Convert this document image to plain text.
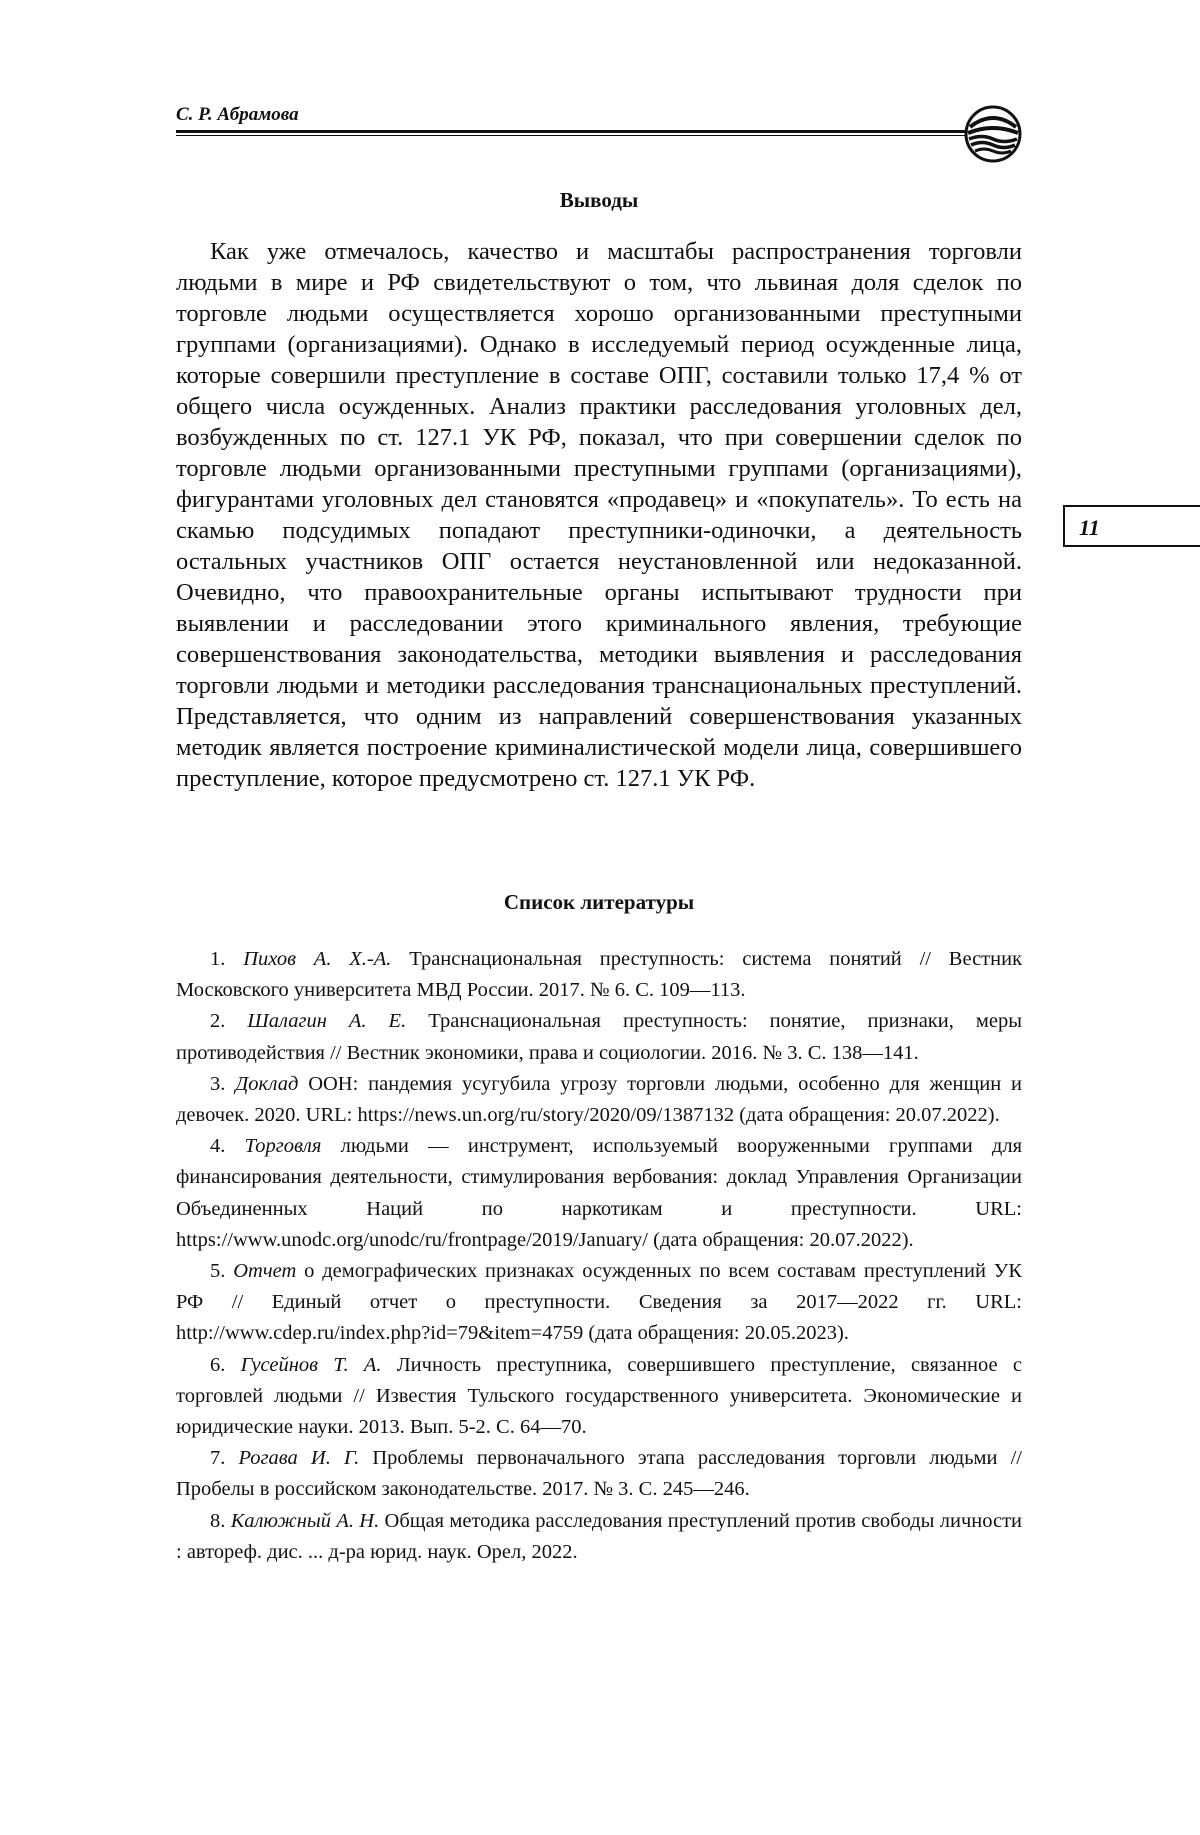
С. Р. Абрамова
Выводы

Как уже отмечалось, качество и масштабы распространения торговли людьми в мире и РФ свидетельствуют о том, что львиная доля сделок по торговле людьми осуществляется хорошо организованными преступными группами (организациями). Однако в исследуемый период осужденные лица, которые совершили преступление в составе ОПГ, составили только 17,4 % от общего числа осужденных. Анализ практики расследования уголовных дел, возбужденных по ст. 127.1 УК РФ, показал, что при совершении сделок по торговле людьми организованными преступными группами (организациями), фигурантами уголовных дел становятся «продавец» и «покупатель». То есть на скамью подсудимых попадают преступники-одиночки, а деятельность остальных участников ОПГ остается неустановленной или недоказанной. Очевидно, что правоохранительные органы испытывают трудности при выявлении и расследовании этого криминального явления, требующие совершенствования законодательства, методики выявления и расследования торговли людьми и методики расследования транснациональных преступлений. Представляется, что одним из направлений совершенствования указанных методик является построение криминалистической модели лица, совершившего преступление, которое предусмотрено ст. 127.1 УК РФ.

Список литературы

1. Пихов А. Х.-А. Транснациональная преступность: система понятий // Вестник Московского университета МВД России. 2017. № 6. С. 109—113.

2. Шалагин А. Е. Транснациональная преступность: понятие, признаки, меры противодействия // Вестник экономики, права и социологии. 2016. № 3. С. 138—141.

3. Доклад ООН: пандемия усугубила угрозу торговли людьми, особенно для женщин и девочек. 2020. URL: https://news.un.org/ru/story/2020/09/1387132 (дата обращения: 20.07.2022).

4. Торговля людьми — инструмент, используемый вооруженными группами для финансирования деятельности, стимулирования вербования: доклад Управления Организации Объединенных Наций по наркотикам и преступности. URL: https://www.unodc.org/unodc/ru/frontpage/2019/January/ (дата обращения: 20.07.2022).

5. Отчет о демографических признаках осужденных по всем составам преступлений УК РФ // Единый отчет о преступности. Сведения за 2017—2022 гг. URL: http://www.cdep.ru/index.php?id=79&item=4759 (дата обращения: 20.05.2023).

6. Гусейнов Т. А. Личность преступника, совершившего преступление, связанное с торговлей людьми // Известия Тульского государственного университета. Экономические и юридические науки. 2013. Вып. 5-2. С. 64—70.

7. Рогава И. Г. Проблемы первоначального этапа расследования торговли людьми // Пробелы в российском законодательстве. 2017. № 3. С. 245—246.

8. Калюжный А. Н. Общая методика расследования преступлений против свободы личности : автореф. дис. ... д-ра юрид. наук. Орел, 2022.

11
